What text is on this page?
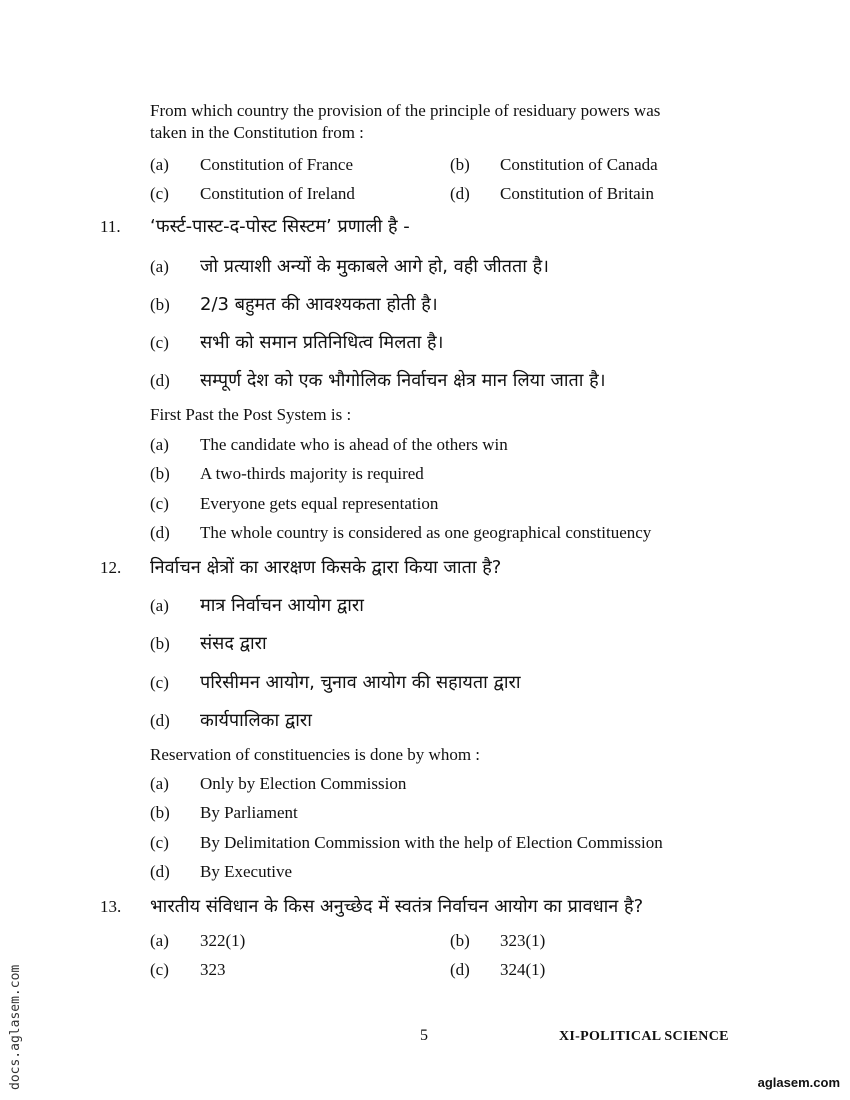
From which country the provision of the principle of residuary powers was
taken in the Constitution from :
(a) Constitution of France	(b) Constitution of Canada
(c) Constitution of Ireland	(d) Constitution of Britain
11. ‘फर्स्ट-पास्ट-द-पोस्ट सिस्टम’ प्रणाली है -
(a) जो प्रत्याशी अन्यों के मुकाबले आगे हो, वही जीतता है।
(b) 2/3 बहुमत की आवश्यकता होती है।
(c) सभी को समान प्रतिनिधित्व मिलता है।
(d) सम्पूर्ण देश को एक भौगोलिक निर्वाचन क्षेत्र मान लिया जाता है।
First Past the Post System is :
(a) The candidate who is ahead of the others win
(b) A two-thirds majority is required
(c) Everyone gets equal representation
(d) The whole country is considered as one geographical constituency
12. निर्वाचन क्षेत्रों का आरक्षण किसके द्वारा किया जाता है?
(a) मात्र निर्वाचन आयोग द्वारा
(b) संसद द्वारा
(c) परिसीमन आयोग, चुनाव आयोग की सहायता द्वारा
(d) कार्यपालिका द्वारा
Reservation of constituencies is done by whom :
(a) Only by Election Commission
(b) By Parliament
(c) By Delimitation Commission with the help of Election Commission
(d) By Executive
13. भारतीय संविधान के किस अनुच्छेद में स्वतंत्र निर्वाचन आयोग का प्रावधान है?
(a) 322(1)	(b) 323(1)
(c) 323	(d) 324(1)
5	XI-POLITICAL SCIENCE
docs.aglasem.com	aglasem.com
